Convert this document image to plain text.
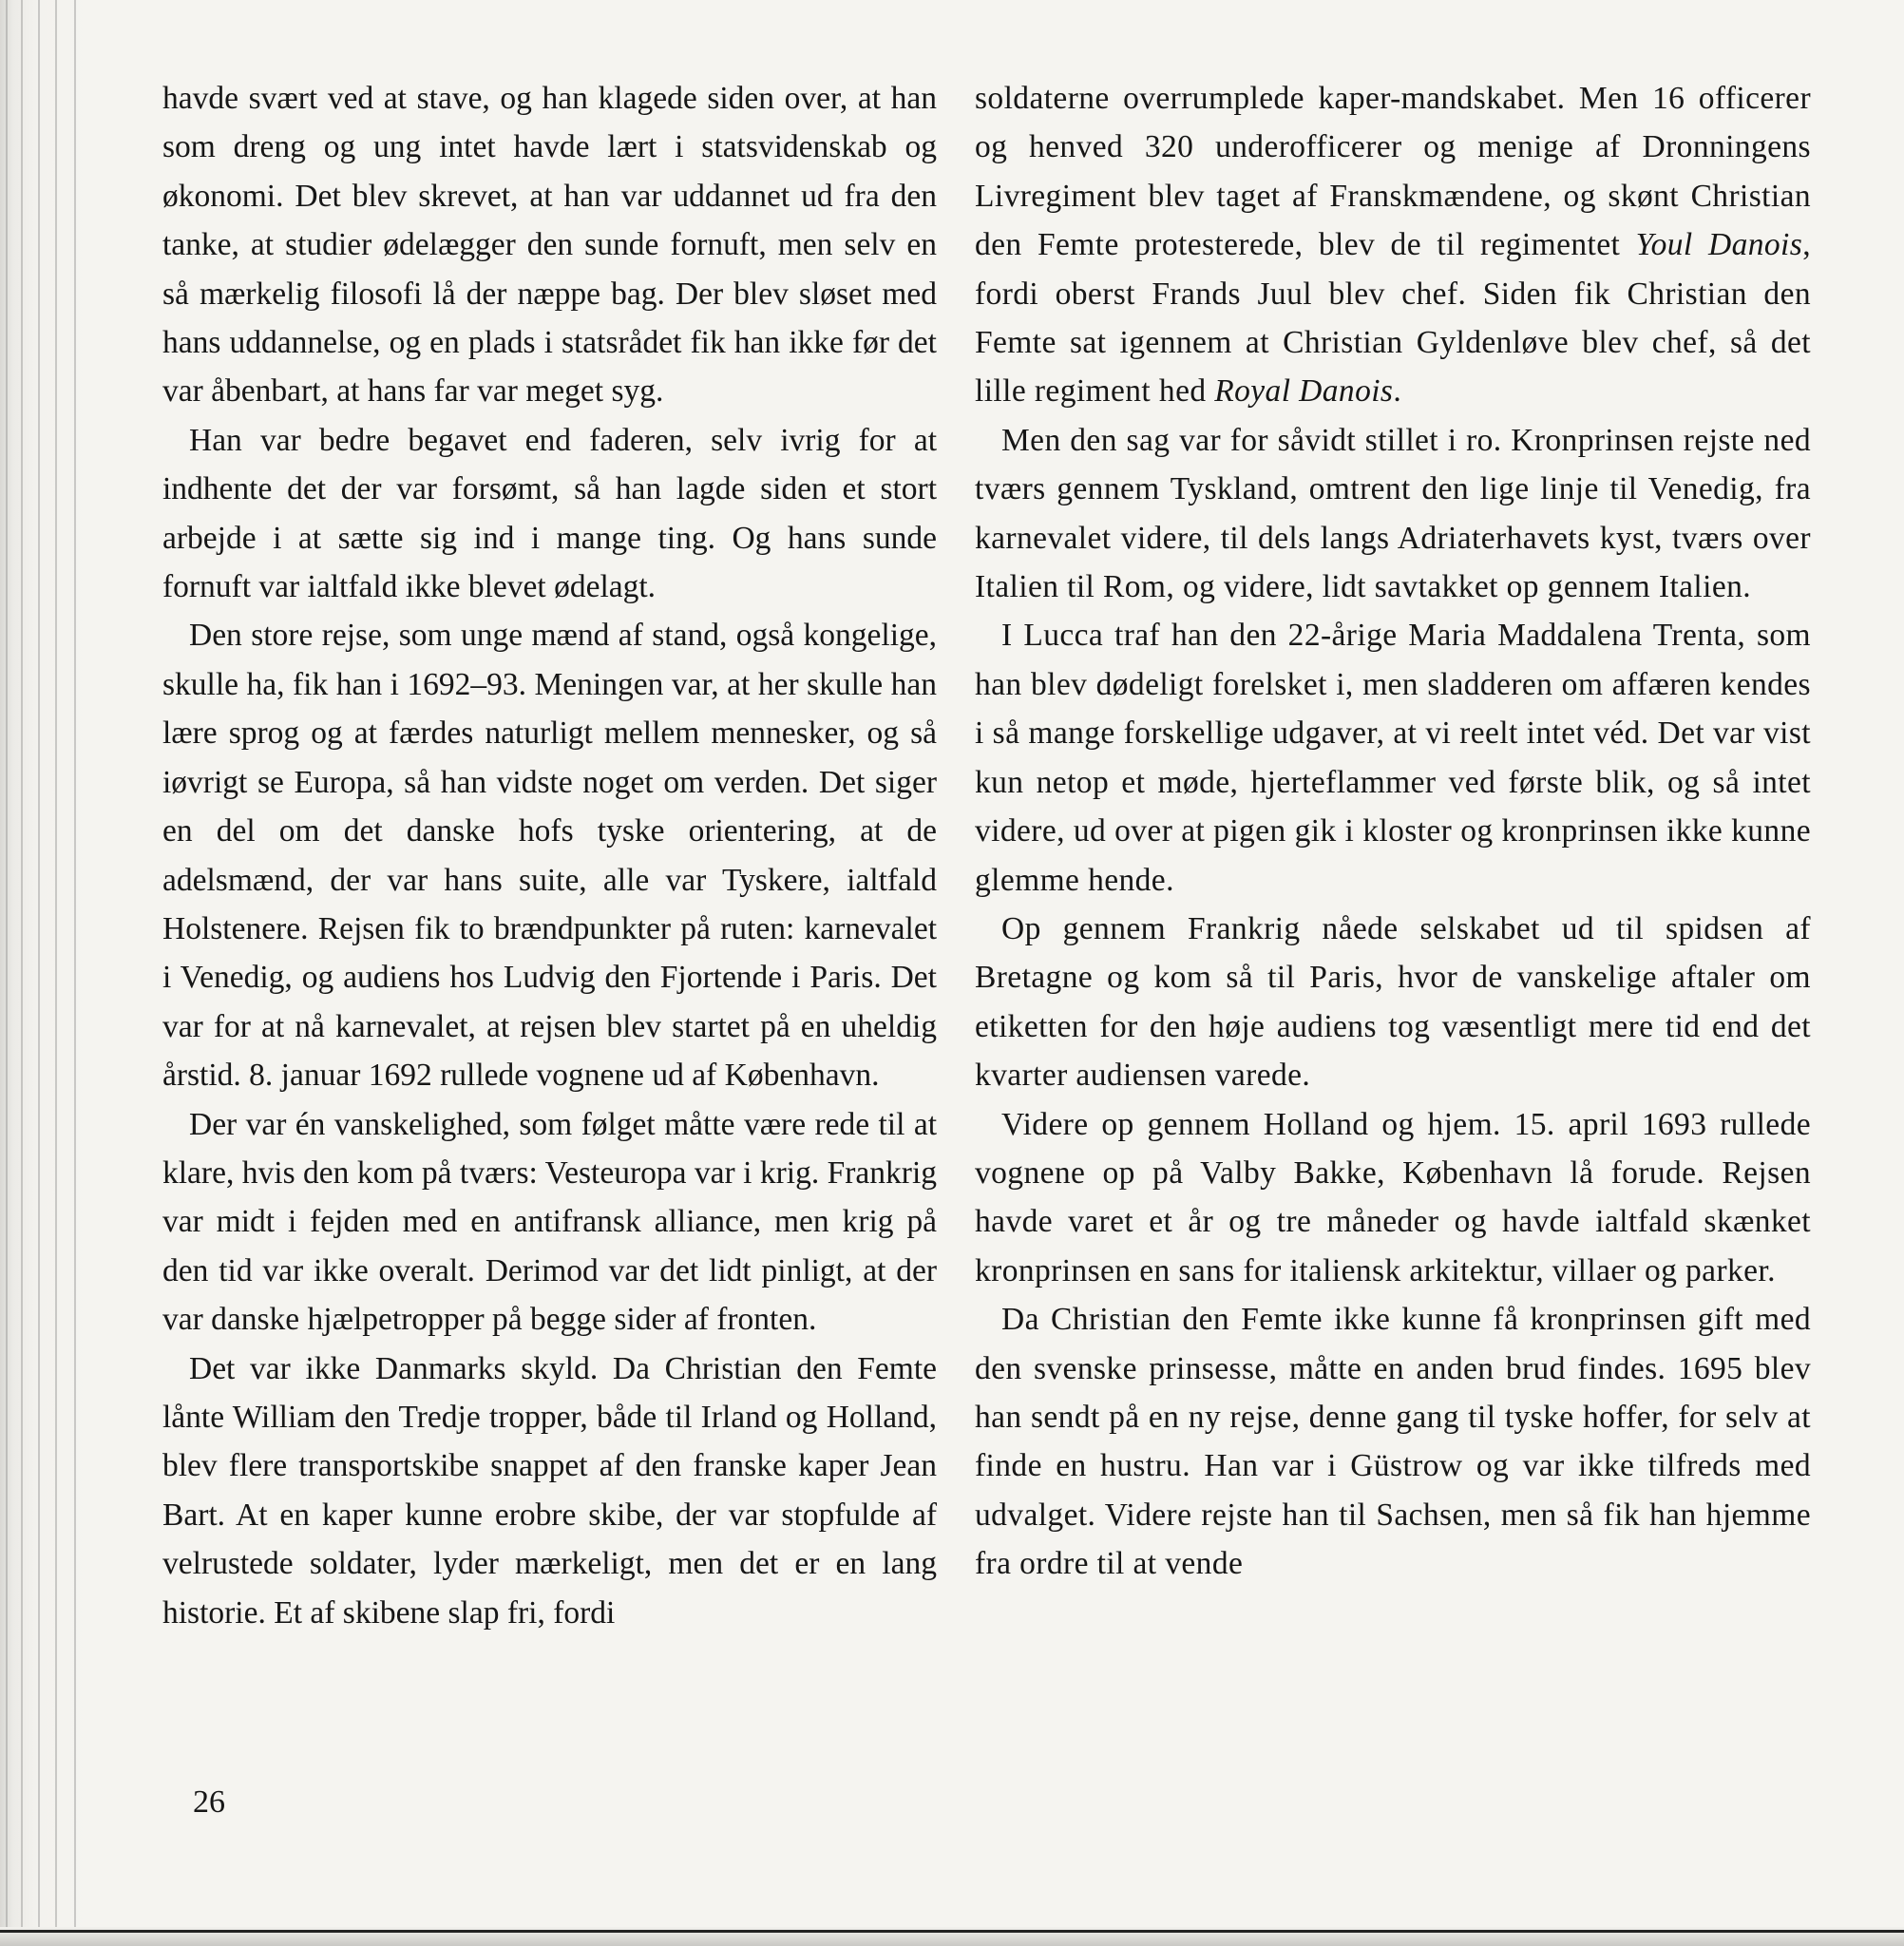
havde svært ved at stave, og han klagede siden over, at han som dreng og ung intet havde lært i statsvidenskab og økonomi. Det blev skrevet, at han var uddannet ud fra den tanke, at studier ødelægger den sunde fornuft, men selv en så mærkelig filosofi lå der næppe bag. Der blev sløset med hans uddannelse, og en plads i statsrådet fik han ikke før det var åbenbart, at hans far var meget syg.

Han var bedre begavet end faderen, selv ivrig for at indhente det der var forsømt, så han lagde siden et stort arbejde i at sætte sig ind i mange ting. Og hans sunde fornuft var ialtfald ikke blevet ødelagt.

Den store rejse, som unge mænd af stand, også kongelige, skulle ha, fik han i 1692–93. Meningen var, at her skulle han lære sprog og at færdes naturligt mellem mennesker, og så iøvrigt se Europa, så han vidste noget om verden. Det siger en del om det danske hofs tyske orientering, at de adelsmænd, der var hans suite, alle var Tyskere, ialtfald Holstenere. Rejsen fik to brændpunkter på ruten: karnevalet i Venedig, og audiens hos Ludvig den Fjortende i Paris. Det var for at nå karnevalet, at rejsen blev startet på en uheldig årstid. 8. januar 1692 rullede vognene ud af København.

Der var én vanskelighed, som følget måtte være rede til at klare, hvis den kom på tværs: Vesteuropa var i krig. Frankrig var midt i fejden med en antifransk alliance, men krig på den tid var ikke overalt. Derimod var det lidt pinligt, at der var danske hjælpetropper på begge sider af fronten.

Det var ikke Danmarks skyld. Da Christian den Femte lånte William den Tredje tropper, både til Irland og Holland, blev flere transportskibe snappet af den franske kaper Jean Bart. At en kaper kunne erobre skibe, der var stopfulde af velrustede soldater, lyder mærkeligt, men det er en lang historie. Et af skibene slap fri, fordi

soldaterne overrumplede kaper-mandskabet. Men 16 officerer og henved 320 underofficerer og menige af Dronningens Livregiment blev taget af Franskmændene, og skønt Christian den Femte protesterede, blev de til regimentet Youl Danois, fordi oberst Frands Juul blev chef. Siden fik Christian den Femte sat igennem at Christian Gyldenløve blev chef, så det lille regiment hed Royal Danois.

Men den sag var for såvidt stillet i ro. Kronprinsen rejste ned tværs gennem Tyskland, omtrent den lige linje til Venedig, fra karnevalet videre, til dels langs Adriaterhavets kyst, tværs over Italien til Rom, og videre, lidt savtakket op gennem Italien.

I Lucca traf han den 22-årige Maria Maddalena Trenta, som han blev dødeligt forelsket i, men sladderen om affæren kendes i så mange forskellige udgaver, at vi reelt intet véd. Det var vist kun netop et møde, hjerteflammer ved første blik, og så intet videre, ud over at pigen gik i kloster og kronprinsen ikke kunne glemme hende.

Op gennem Frankrig nåede selskabet ud til spidsen af Bretagne og kom så til Paris, hvor de vanskelige aftaler om etiketten for den høje audiens tog væsentligt mere tid end det kvarter audiensen varede.

Videre op gennem Holland og hjem. 15. april 1693 rullede vognene op på Valby Bakke, København lå forude. Rejsen havde varet et år og tre måneder og havde ialtfald skænket kronprinsen en sans for italiensk arkitektur, villaer og parker.

Da Christian den Femte ikke kunne få kronprinsen gift med den svenske prinsesse, måtte en anden brud findes. 1695 blev han sendt på en ny rejse, denne gang til tyske hoffer, for selv at finde en hustru. Han var i Güstrow og var ikke tilfreds med udvalget. Videre rejste han til Sachsen, men så fik han hjemme fra ordre til at vende

26
